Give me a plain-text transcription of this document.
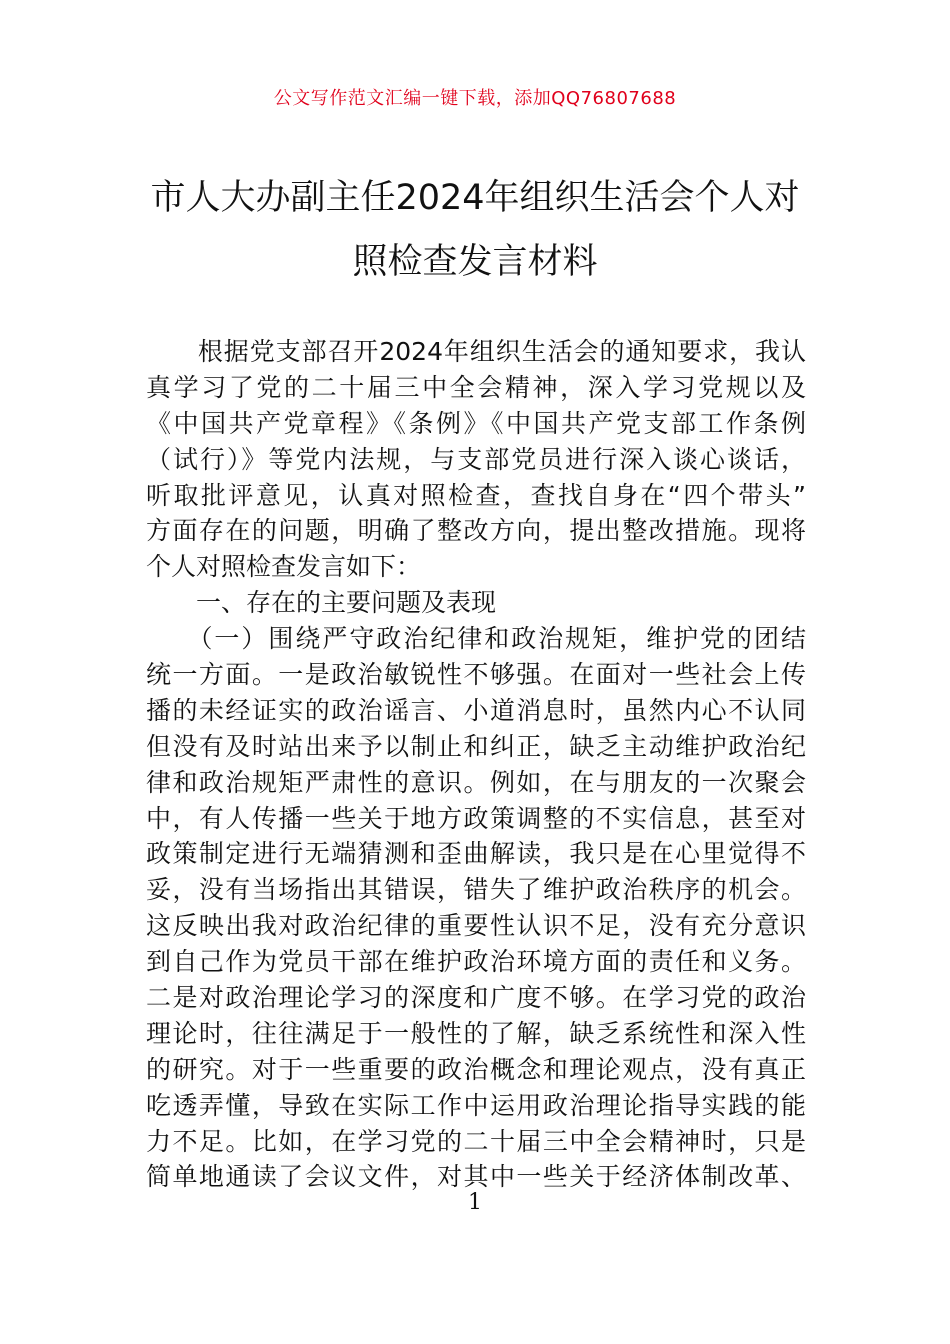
公文写作范文汇编一键下载，添加QQ76807688
市人大办副主任2024年组织生活会个人对
照检查发言材料
　　根据党支部召开2024年组织生活会的通知要求，我认
真学习了党的二十届三中全会精神，深入学习党规以及
《中国共产党章程》《条例》《中国共产党支部工作条例
（试行）》等党内法规，与支部党员进行深入谈心谈话，
听取批评意见，认真对照检查，查找自身在“四个带头”
方面存在的问题，明确了整改方向，提出整改措施。现将
个人对照检查发言如下：
　　一、存在的主要问题及表现
　　（一）围绕严守政治纪律和政治规矩，维护党的团结
统一方面。一是政治敏锐性不够强。在面对一些社会上传
播的未经证实的政治谣言、小道消息时，虽然内心不认同
但没有及时站出来予以制止和纠正，缺乏主动维护政治纪
律和政治规矩严肃性的意识。例如，在与朋友的一次聚会
中，有人传播一些关于地方政策调整的不实信息，甚至对
政策制定进行无端猜测和歪曲解读，我只是在心里觉得不
妥，没有当场指出其错误，错失了维护政治秩序的机会。
这反映出我对政治纪律的重要性认识不足，没有充分意识
到自己作为党员干部在维护政治环境方面的责任和义务。
二是对政治理论学习的深度和广度不够。在学习党的政治
理论时，往往满足于一般性的了解，缺乏系统性和深入性
的研究。对于一些重要的政治概念和理论观点，没有真正
吃透弄懂，导致在实际工作中运用政治理论指导实践的能
力不足。比如，在学习党的二十届三中全会精神时，只是
简单地通读了会议文件，对其中一些关于经济体制改革、
1
